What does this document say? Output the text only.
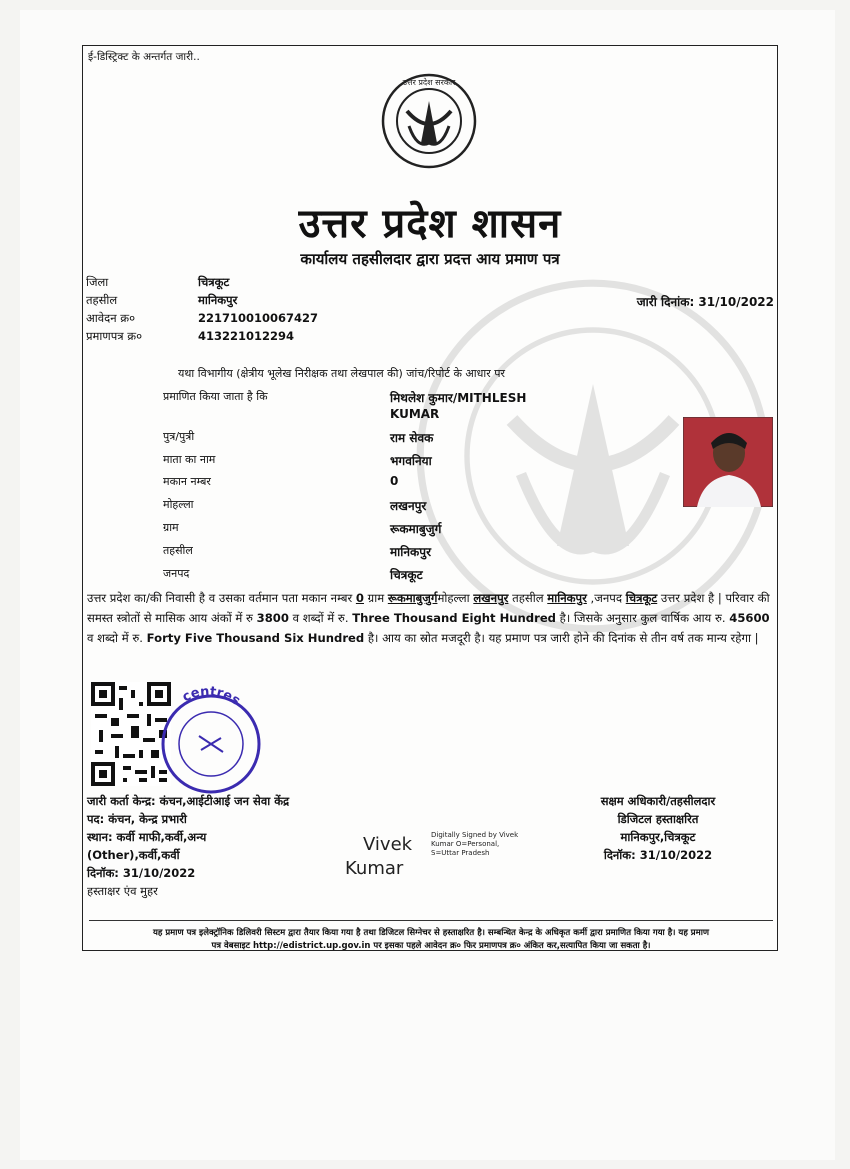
ई-डिस्ट्रिक्ट के अन्तर्गत जारी..
उत्तर प्रदेश सरकार
उत्तर प्रदेश शासन
कार्यालय तहसीलदार द्वारा प्रदत्त आय प्रमाण पत्र
जिला	चित्रकूट
तहसील	मानिकपुर
आवेदन क्र०	221710010067427
प्रमाणपत्र क्र०	413221012294
जारी दिनांक: 31/10/2022
यथा विभागीय (क्षेत्रीय भूलेख निरीक्षक तथा लेखपाल की) जांच/रिपोर्ट के आधार पर
प्रमाणित किया जाता है कि	मिथलेश कुमार/MITHLESH
KUMAR
पुत्र/पुत्री	राम सेवक
माता का नाम	भगवनिया
मकान नम्बर	0
मोहल्ला	लखनपुर
ग्राम	रूकमाबुजुर्ग
तहसील	मानिकपुर
जनपद	चित्रकूट
उत्तर प्रदेश का/की निवासी है व उसका वर्तमान पता मकान नम्बर 0 ग्राम रूकमाबुजुर्गमोहल्ला लखनपुर तहसील मानिकपुर ,जनपद चित्रकूट उत्तर प्रदेश है | परिवार की समस्त स्त्रोतों से मासिक आय अंकों में रु 3800 व शब्दों में रु. Three Thousand Eight Hundred है। जिसके अनुसार कुल वार्षिक आय रु. 45600 व शब्दो में रु. Forty Five Thousand Six Hundred है। आय का स्रोत मजदूरी है। यह प्रमाण पत्र जारी होने की दिनांक से तीन वर्ष तक मान्य रहेगा |
centres
जारी कर्ता केन्द्र: कंचन,आईटीआई जन सेवा केंद्र
पद: कंचन, केन्द्र प्रभारी
स्थान: कर्वी माफी,कर्वी,अन्य
(Other),कर्वी,कर्वी
दिनॉक: 31/10/2022
हस्ताक्षर एंव मुहर
Vivek
Kumar
Digitally Signed by Vivek
Kumar O=Personal,
S=Uttar Pradesh
सक्षम अधिकारी/तहसीलदार
डिजिटल हस्ताक्षरित
मानिकपुर,चित्रकूट
दिनॉक: 31/10/2022
यह प्रमाण पत्र इलेक्ट्रॉनिक डिलिवरी सिस्टम द्वारा तैयार किया गया है तथा डिजिटल सिग्नेचर से हस्ताक्षरित है। सम्बन्धित केन्द्र के अधिकृत कर्मी द्वारा प्रमाणित किया गया है। यह प्रमाण
पत्र वेबसाइट http://edistrict.up.gov.in पर इसका पहले आवेदन क्र० फिर प्रमाणपत्र क्र० अंकित कर,सत्यापित किया जा सकता है।
